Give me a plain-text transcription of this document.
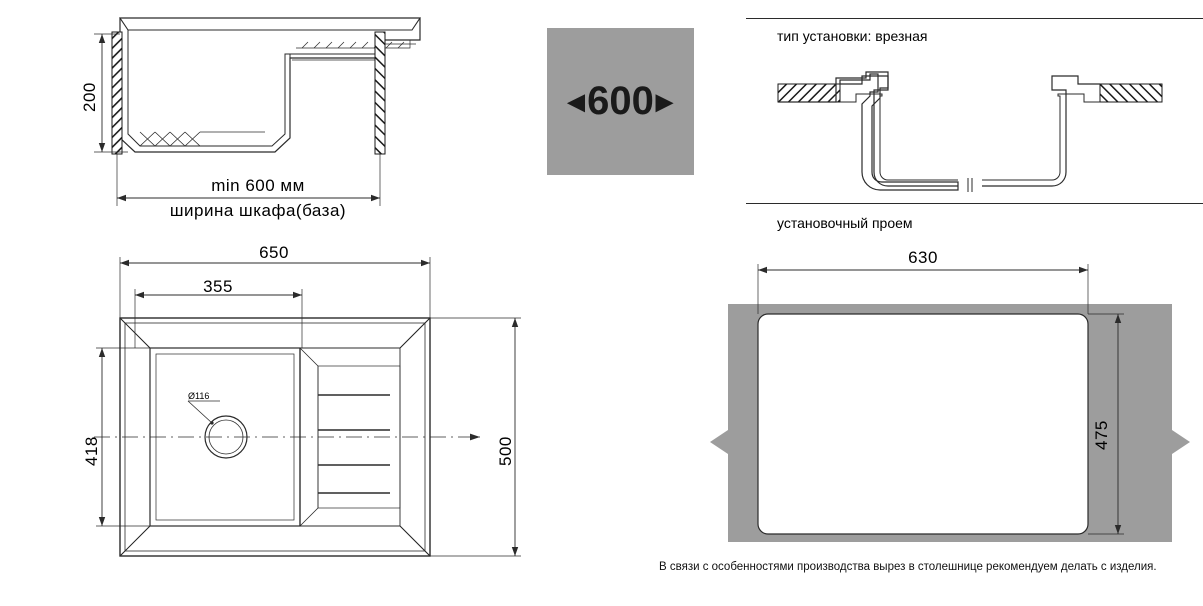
200
min 600 мм
ширина шкафа(база)
◀ 600 ▶
тип установки: врезная
установочный проем
630
475
В связи с особенностями производства вырез в столешнице рекомендуем делать с изделия.
650
355
418	500
Ø116
